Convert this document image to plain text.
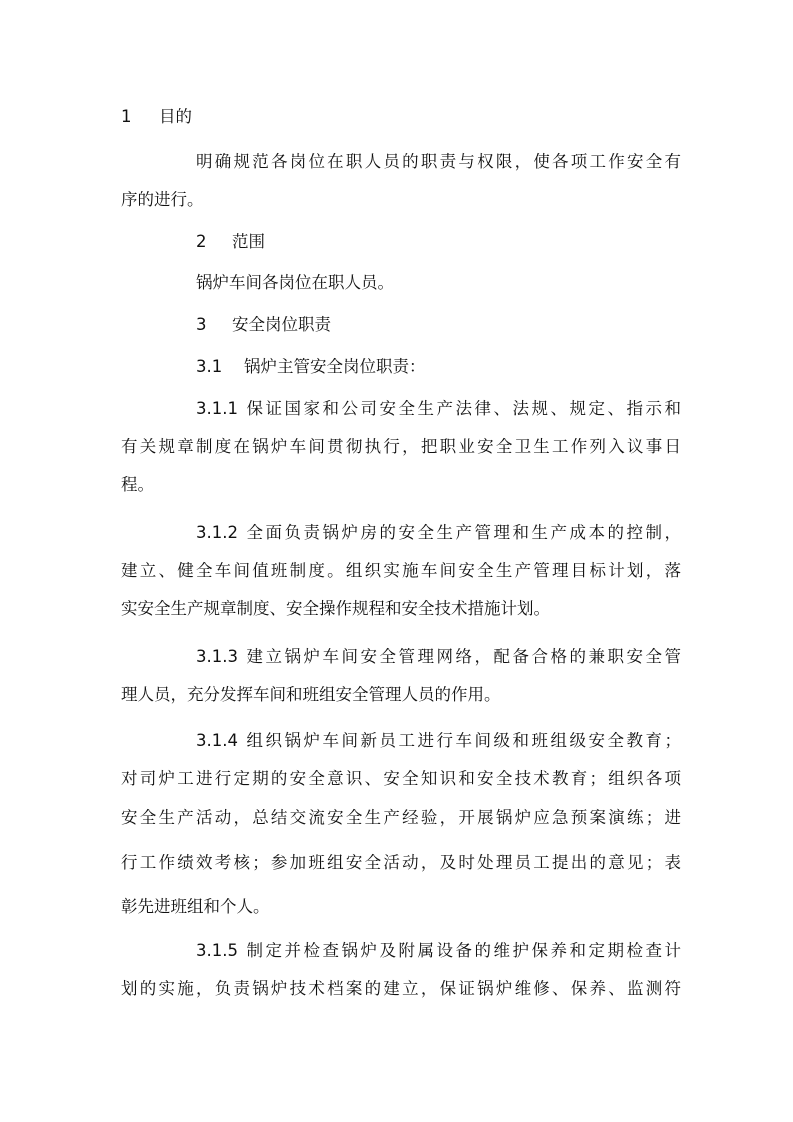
1 目的
明确规范各岗位在职人员的职责与权限，使各项工作安全有
序的进行。
2 范围
锅炉车间各岗位在职人员。
3 安全岗位职责
3.1 锅炉主管安全岗位职责：
3.1.1 保证国家和公司安全生产法律、法规、规定、指示和
有关规章制度在锅炉车间贯彻执行，把职业安全卫生工作列入议事日
程。
3.1.2 全面负责锅炉房的安全生产管理和生产成本的控制，
建立、健全车间值班制度。组织实施车间安全生产管理目标计划，落
实安全生产规章制度、安全操作规程和安全技术措施计划。
3.1.3 建立锅炉车间安全管理网络，配备合格的兼职安全管
理人员，充分发挥车间和班组安全管理人员的作用。
3.1.4 组织锅炉车间新员工进行车间级和班组级安全教育；
对司炉工进行定期的安全意识、安全知识和安全技术教育；组织各项
安全生产活动，总结交流安全生产经验，开展锅炉应急预案演练；进
行工作绩效考核；参加班组安全活动，及时处理员工提出的意见；表
彰先进班组和个人。
3.1.5 制定并检查锅炉及附属设备的维护保养和定期检查计
划的实施，负责锅炉技术档案的建立，保证锅炉维修、保养、监测符
